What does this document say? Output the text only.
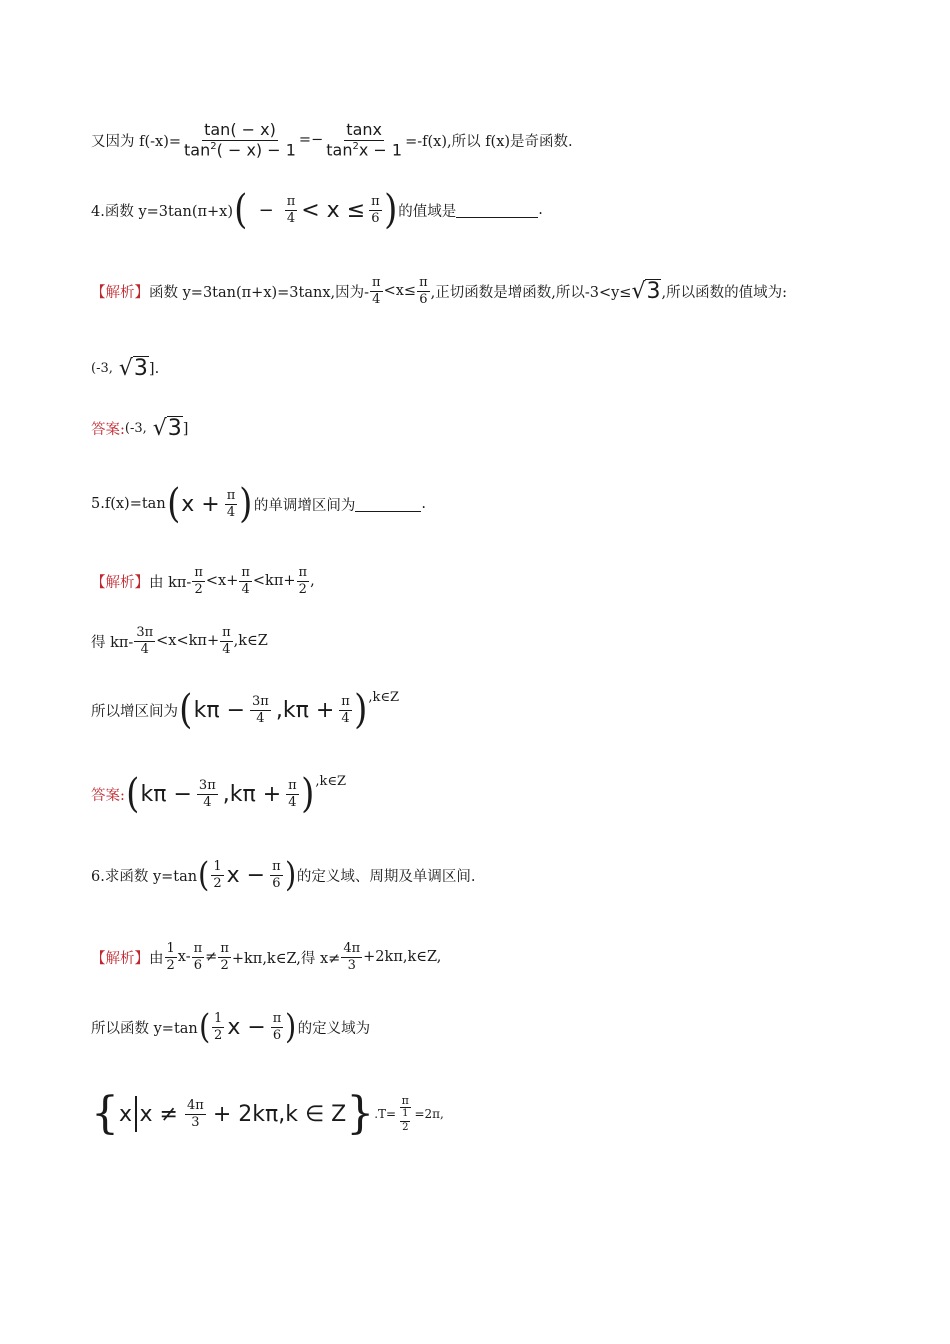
又因为 $f(-x)= \frac{\tan( - x)}{\tan^2( - x) - 1} =- \frac{\tan x}{\tan^2x - 1} =-f(x)$,所以 f(x)是奇函数.
4.函数 y=3tan(π+x) ( − $\frac{\pi}{4} < x \le \frac{\pi}{6}$ ) 的值域是	.
【解析】 函数 y=3tan(π+x)=3tanx,因为- $\frac{\pi}{4} <x\le \frac{\pi}{6}$ ,正切函数是增函数,所以-3<y≤ √ 3 ,所以函数的值域为:
(-3, √ 3 ].
答案: (-3, √ 3 ]
5.f(x)=tan ( $x + \frac{\pi}{4}$ ) 的单调增区间为	.
【解析】 由 $k\pi- \frac{\pi}{2} <x+ \frac{\pi}{4} <k\pi+ \frac{\pi}{2}$ ,
得 $k\pi- \frac{3\pi}{4} <x<k\pi+ \frac{\pi}{4}$ ,k∈Z
所以增区间为 ( $k\pi - \frac{3\pi}{4} ,k\pi + \frac{\pi}{4}$ ) ,k∈Z
答案: ( $k\pi - \frac{3\pi}{4} ,k\pi + \frac{\pi}{4}$ ) ,k∈Z
6.求函数 y=tan ( $\frac{1}{2}$ $x - \frac{\pi}{6}$ ) 的定义域、周期及单调区间.
【解析】 由 $\frac{1}{2} x- \frac{\pi}{6} \ne \frac{\pi}{2}$ +kπ,k∈Z,得 $x\ne \frac{4\pi}{3}$ +2kπ,k∈Z,
所以函数 y=tan ( $\frac{1}{2}$ $x - \frac{\pi}{6}$ ) 的定义域为
{ x $x \ne \frac{4\pi}{3} + 2k\pi,k$ ∈ Z } $.T= \frac{\pi}{\frac{1}{2}} =2\pi$,
